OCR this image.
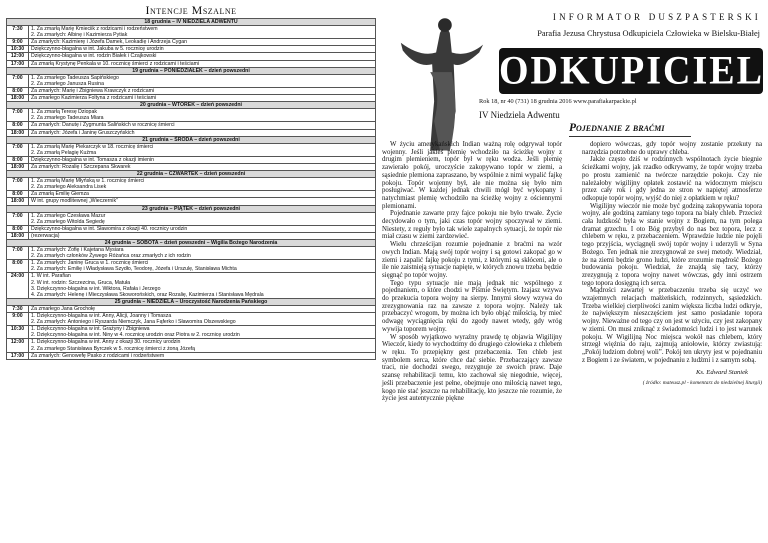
Intencje Mszalne
18 grudnia – IV NIEDZIELA ADWENTU	
7:30	1. Za zmarłą Marię Kmieciik z rodzicami i rodzeństwem
2. Za zmarłych: Albinę i Kazimierza Pytiak
9:00	Za zmarłych: Kazimierę i Józefa Damek, Leokadię i Andrzeja Cygan
10:30	Dziękczynno-błagalna w int. Jakuba w 5. rocznicę urodzin
12:00	Dziękczynno-błagalna w int. rodzin Białek i Czajkowski
17:00	Za zmarłą Krystynę Penkala w 10. rocznicę śmierci z rodzicami i teściami
19 grudnia – PONIEDZIAŁEK – dzień powszedni	
7:00	1. Za zmarłego Tadeusza Sapińskiego
2. Za zmarłego Janusza Rusina
8:00	Za zmarłych: Marię i Zbigniewa Krawczyk z rodzicami
18:00	Za zmarłego Kazimierza Foltyna z rodzicami i teściami
20 grudnia – WTOREK – dzień powszedni	
7:00	1. Za zmarłą Teresę Dziopak
2. Za zmarłego Tadeusza Miara
8:00	Za zmarłych: Danutę i Zygmunta Salińskich w rocznicę śmierci
18:00	Za zmarłych: Józefa i Janinę Gruszczyńskich
21 grudnia – ŚRODA – dzień powszedni	
7:00	1. Za zmarłą Marię Piekarczyk w 18. rocznicę śmierci
2. Za zmarłą Pelagię Kuźma
8:00	Dziękczynno-błagalna w int. Tomasza z okazji imienin
18:00	Za zmarłych: Rozalię i Szczepana Skwarek
22 grudnia – CZWARTEK – dzień powszedni	
7:00	1. Za zmarłą Marię Młyńską w 1. rocznicę śmierci
2. Za zmarłego Aleksandra Lisek
8:00	Za zmarłą Emilię Giemza
18:00	W int. grupy modlitewnej „Wieczernik”
23 grudnia – PIĄTEK – dzień powszedni	
7:00	1. Za zmarłego Czesława Mazur
2. Za zmarłego Witolda Segiedę
8:00	Dziękczynno-błagalna w int. Sławomira z okazji 40. rocznicy urodzin
18:00	(rezerwacja)
24 grudnia – SOBOTA – dzień powszedni – Wigilia Bożego Narodzenia	
7:00	1. Za zmarłych: Zofię i Kajetana Mysiara
2. Za zmarłych członków Żywego Różańca oraz zmarłych z ich rodzin
8:00	1. Za zmarłych: Janinę Gruca w 1. rocznicę śmierci
2. Za zmarłych: Emilię i Władysława Szydło, Teodorę, Józefa i Urszulę, Stanisława Michta
24:00	1. W int. Parafian
2. W int. rodzin: Szczezcina, Gruca, Matuła
3. Dziękczynno-błagalna w int. Wiktora, Rafała i Jerzego
4. Za zmarłych: Helenę i Mieczysława Skoworońskich, oraz Rozalię, Kazimierza i Stanisława Mędrala
25 grudnia – NIEDZIELA – Uroczystość Narodzenia Pańskiego	
7:30	Za zmarłego Jana Grochołę
9:00	1. Dziękczynno-błagalna w int. Anny, Alicji, Joanny i Tomasza
2. Za zmarłych: Antoniego i Ryszarda Niemczyk, Jana Fąferko i Sławomira Olszewskiego
10:30	1. Dziękczynno-błagalna w int. Grażyny i Zbigniewa
2. Dziękczynno-błagalna w int. Niny w 4. rocznicę urodzin oraz Piotra w 2. rocznicę urodzin
12:00	1. Dziękczynno-błagalna w int. Anny z okazji 30. rocznicy urodzin
2. Za zmarłego Stanisława Byrczek w 5. rocznicę śmierci z żoną Józefą
17:00	Za zmarłych: Genowefę Pasko z rodzicami i rodzeństwem
INFORMATOR DUSZPASTERSKI
Parafia Jezusa Chrystusa Odkupiciela Człowieka w Bielsku-Białej
ODKUPICIEL
Rok 18, nr 40 (731) 18 grudnia 2016 www.parafiakarpackie.pl
IV Niedziela Adwentu
Pojednanie z braćmi

W życiu amerykańskich Indian ważną rolę odgrywał topór wojenny. Jeśli jakieś plemię wchodziło na ścieżkę wojny z drugim plemieniem, topór był w ręku wodza. Jeśli plemię zawierało pokój, uroczyście zakopywano topór w ziemi, a sąsiednie plemiona zapraszano, by wspólnie z nimi wypalić fajkę pokoju. Topór wojenny był, ale nie można się było nim posługiwać. W każdej jednak chwili mógł być wykopany i natychmiast plemię wchodziło na ścieżkę wojny z ościennymi plemionami.

Pojednanie zawarte przy fajce pokoju nie było trwałe. Życie decydowało o tym, jaki czas topór wojny spoczywał w ziemi. Niestety, z reguły było tak wiele zapalnych sytuacji, że topór nie miał czasu w ziemi zardzewieć.

Wielu chrześcijan rozumie pojednanie z braćmi na wzór owych Indian. Mają swój topór wojny i są gotowi zakopać go w ziemi i zapalić fajkę pokoju z tymi, z którymi są skłóceni, ale o ile nie zaistnieją sytuacje napięte, w których znowu trzeba będzie sięgnąć po topór wojny.

Tego typu sytuacje nie mają jednak nic wspólnego z pojednaniem, o które chodzi w Piśmie Świętym. Izajasz wzywa do przekucia topora wojny na sierpy. Innymi słowy wzywa do zrezygnowania raz na zawsze z topora wojny. Należy tak przebaczyć wrogom, by można ich było objąć miłością, by mieć odwagę wyciągnięcia ręki do zgody nawet wtedy, gdy wróg wywija toporem wojny.

W sposób wyjątkowo wyraźny prawdę tę objawia Wigilijny Wieczór, kiedy to wychodzimy do drugiego człowieka z chlebem w ręku. To przepiękny gest przebaczenia. Ten chleb jest symbolem serca, które chce dać siebie. Przebaczający zawsze traci, nie dochodzi swego, rezygnuje ze swoich praw. Daje szansę rehabilitacji temu, kto zachował się niegodnie, więcej, jeśli przebaczenie jest pełne, obejmuje ono miłością nawet tego, kogo nie stać jeszcze na rehabilitację, kto jeszcze nie rozumie, że życie jest autentycznie piękne

dopiero wówczas, gdy topór wojny zostanie przekuty na narzędzia potrzebne do uprawy chleba.

Jakże często dziś w rodzinnych wspólnotach życie biegnie ścieżkami wojny, jak rzadko odkrywamy, że topór wojny trzeba po prostu zamienić na twórcze narzędzie pokoju. Czy nie należałoby wigilijny opłatek zostawić na widocznym miejscu przez cały rok i gdy jedna ze stron w napiętej atmosferze odkopuje topór wojny, wyjść do niej z opłatkiem w ręku?

Wigilijny wieczór nie może być godziną zakopywania topora wojny, ale godziną zamiany tego topora na biały chleb. Przecież cała ludzkość była w stanie wojny z Bogiem, na tym polega dramat grzechu. I oto Bóg przybył do nas bez topora, lecz z chlebem w ręku, z przebaczeniem. Wprawdzie ludzie nie pojęli tego przyjścia, wyciągnęli swój topór wojny i uderzyli w Syna Bożego. Ten jednak nie zrezygnował ze swej metody. Wiedział, że na ziemi będzie grono ludzi, które zrozumie mądrość Bożego budowania pokoju. Wiedział, że znajdą się tacy, którzy zrezygnują z topora wojny nawet wówczas, gdy inni ostrzem tego topora dosięgną ich serca.

Mądrości zawartej w przebaczeniu trzeba się uczyć we wzajemnych relacjach małżeńskich, rodzinnych, sąsiedzkich. Trzeba wielkiej cierpliwości zanim większa liczba ludzi odkryje, że największym nieszczęściem jest samo posiadanie topora wojny. Nieważne od tego czy on jest w użyciu, czy jest zakopany w ziemi. On musi zniknąć z świadomości ludzi i to jest warunek pokoju. W Wigilijną Noc miejsca wokół nas chlebem, który strzegł więźnia do raju, zajmują aniołowie, którzy zwiastują: „Pokój ludziom dobrej woli”. Pokój ten ukryty jest w pojednaniu z Bogiem i ze światem, w pojednaniu z ludźmi i z samym sobą.

Ks. Edward Staniek
( źródło: mateusz.pl - komentarz do niedzielnej liturgii)
